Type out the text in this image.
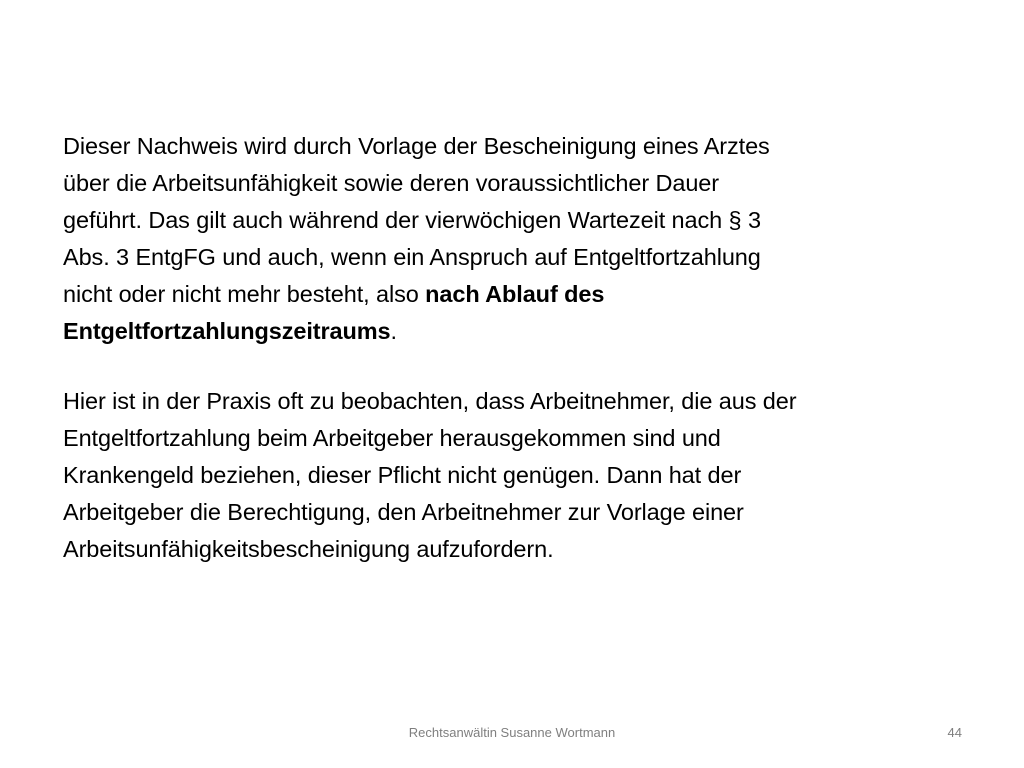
Dieser Nachweis wird durch Vorlage der Bescheinigung eines Arztes
über die Arbeitsunfähigkeit sowie deren voraussichtlicher Dauer
geführt. Das gilt auch während der vierwöchigen Wartezeit nach § 3
Abs. 3 EntgFG und auch, wenn ein Anspruch auf Entgeltfortzahlung
nicht oder nicht mehr besteht, also nach Ablauf des
Entgeltfortzahlungszeitraums.

Hier ist in der Praxis oft zu beobachten, dass Arbeitnehmer, die aus der
Entgeltfortzahlung beim Arbeitgeber herausgekommen sind und
Krankengeld beziehen, dieser Pflicht nicht genügen. Dann hat der
Arbeitgeber die Berechtigung, den Arbeitnehmer zur Vorlage einer
Arbeitsunfähigkeitsbescheinigung aufzufordern.

Rechtsanwältin Susanne Wortmann	44
